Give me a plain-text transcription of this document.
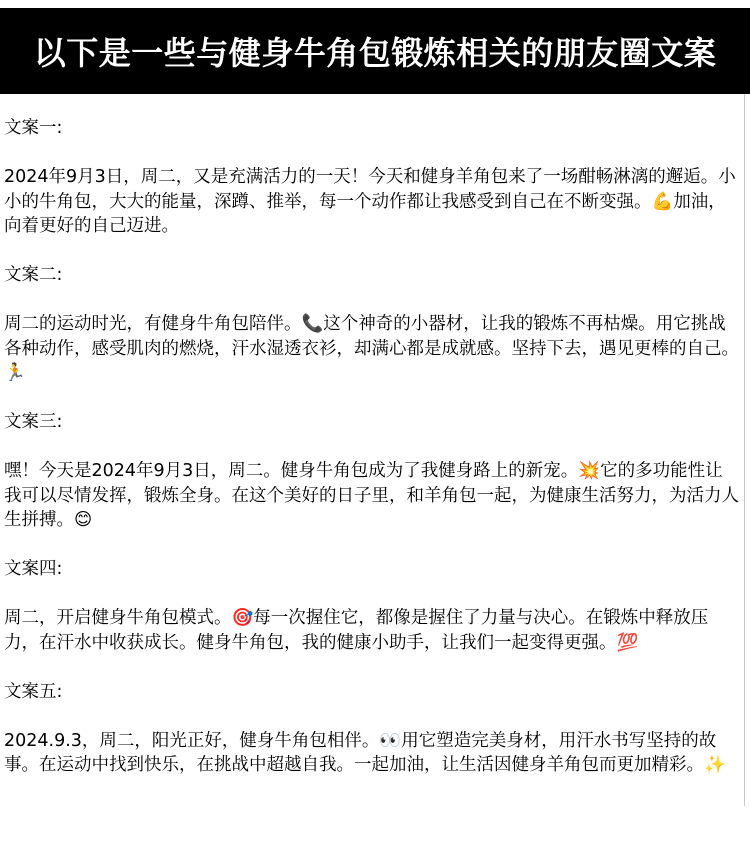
以下是一些与健身牛角包锻炼相关的朋友圈文案
文案一:
2024年9月3日，周二，又是充满活力的一天！今天和健身羊角包来了一场酣畅淋漓的邂逅。小小的牛角包，大大的能量，深蹲、推举，每一个动作都让我感受到自己在不断变强。💪加油，向着更好的自己迈进。
文案二:
周二的运动时光，有健身牛角包陪伴。📞这个神奇的小器材，让我的锻炼不再枯燥。用它挑战各种动作，感受肌肉的燃烧，汗水湿透衣衫，却满心都是成就感。坚持下去，遇见更棒的自己。🏃
文案三:
嘿！今天是2024年9月3日，周二。健身牛角包成为了我健身路上的新宠。💥它的多功能性让我可以尽情发挥，锻炼全身。在这个美好的日子里，和羊角包一起，为健康生活努力，为活力人生拼搏。😊
文案四:
周二，开启健身牛角包模式。🎯每一次握住它，都像是握住了力量与决心。在锻炼中释放压力，在汗水中收获成长。健身牛角包，我的健康小助手，让我们一起变得更强。💯
文案五:
2024.9.3，周二，阳光正好，健身牛角包相伴。👀用它塑造完美身材，用汗水书写坚持的故事。在运动中找到快乐，在挑战中超越自我。一起加油，让生活因健身羊角包而更加精彩。✨
